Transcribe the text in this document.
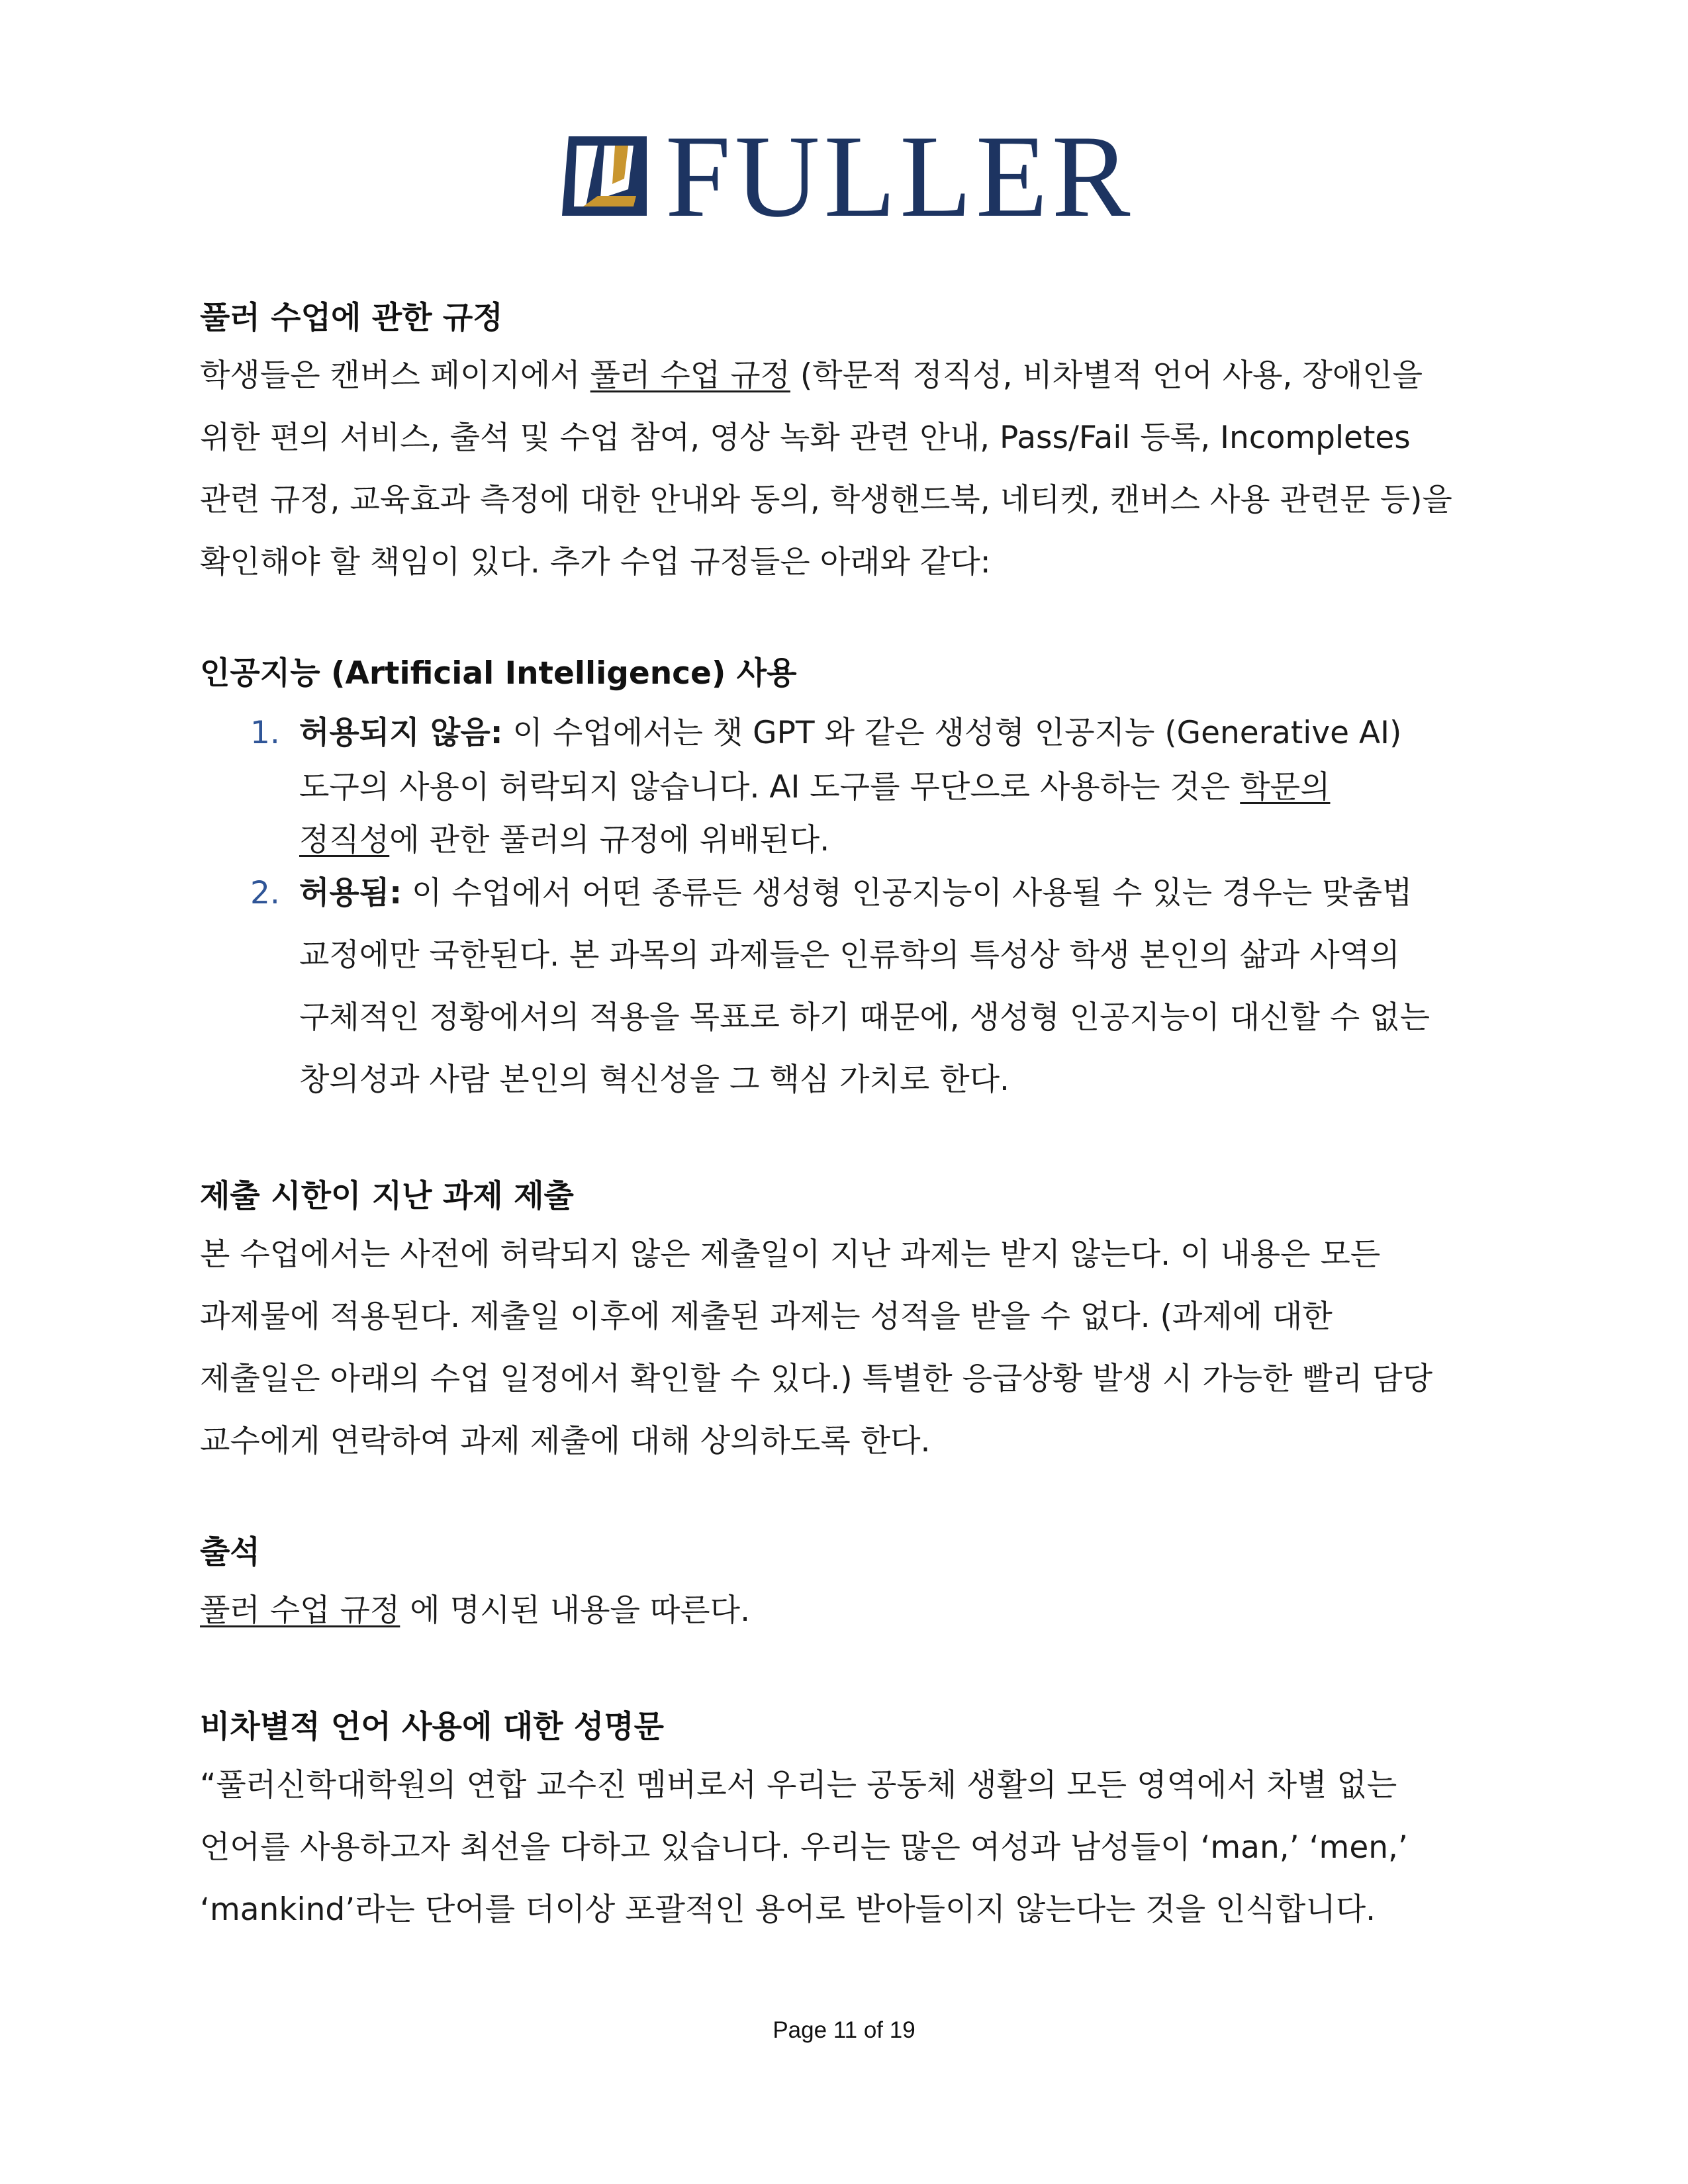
FULLER
풀러 수업에 관한 규정
학생들은 캔버스 페이지에서 풀러 수업 규정 (학문적 정직성, 비차별적 언어 사용, 장애인을
위한 편의 서비스, 출석 및 수업 참여, 영상 녹화 관련 안내, Pass/Fail 등록, Incompletes
관련 규정, 교육효과 측정에 대한 안내와 동의, 학생핸드북, 네티켓, 캔버스 사용 관련문 등)을
확인해야 할 책임이 있다. 추가 수업 규정들은 아래와 같다:
인공지능 (Artificial Intelligence) 사용
1. 허용되지 않음: 이 수업에서는 챗 GPT 와 같은 생성형 인공지능 (Generative AI)
도구의 사용이 허락되지 않습니다. AI 도구를 무단으로 사용하는 것은 학문의
정직성에 관한 풀러의 규정에 위배된다.
2. 허용됨: 이 수업에서 어떤 종류든 생성형 인공지능이 사용될 수 있는 경우는 맞춤법
교정에만 국한된다. 본 과목의 과제들은 인류학의 특성상 학생 본인의 삶과 사역의
구체적인 정황에서의 적용을 목표로 하기 때문에, 생성형 인공지능이 대신할 수 없는
창의성과 사람 본인의 혁신성을 그 핵심 가치로 한다.
제출 시한이 지난 과제 제출
본 수업에서는 사전에 허락되지 않은 제출일이 지난 과제는 받지 않는다. 이 내용은 모든
과제물에 적용된다. 제출일 이후에 제출된 과제는 성적을 받을 수 없다. (과제에 대한
제출일은 아래의 수업 일정에서 확인할 수 있다.) 특별한 응급상황 발생 시 가능한 빨리 담당
교수에게 연락하여 과제 제출에 대해 상의하도록 한다.
출석
풀러 수업 규정 에 명시된 내용을 따른다.
비차별적 언어 사용에 대한 성명문
“풀러신학대학원의 연합 교수진 멤버로서 우리는 공동체 생활의 모든 영역에서 차별 없는
언어를 사용하고자 최선을 다하고 있습니다. 우리는 많은 여성과 남성들이 ‘man,’ ‘men,’
‘mankind’라는 단어를 더이상 포괄적인 용어로 받아들이지 않는다는 것을 인식합니다.
Page 11 of 19
